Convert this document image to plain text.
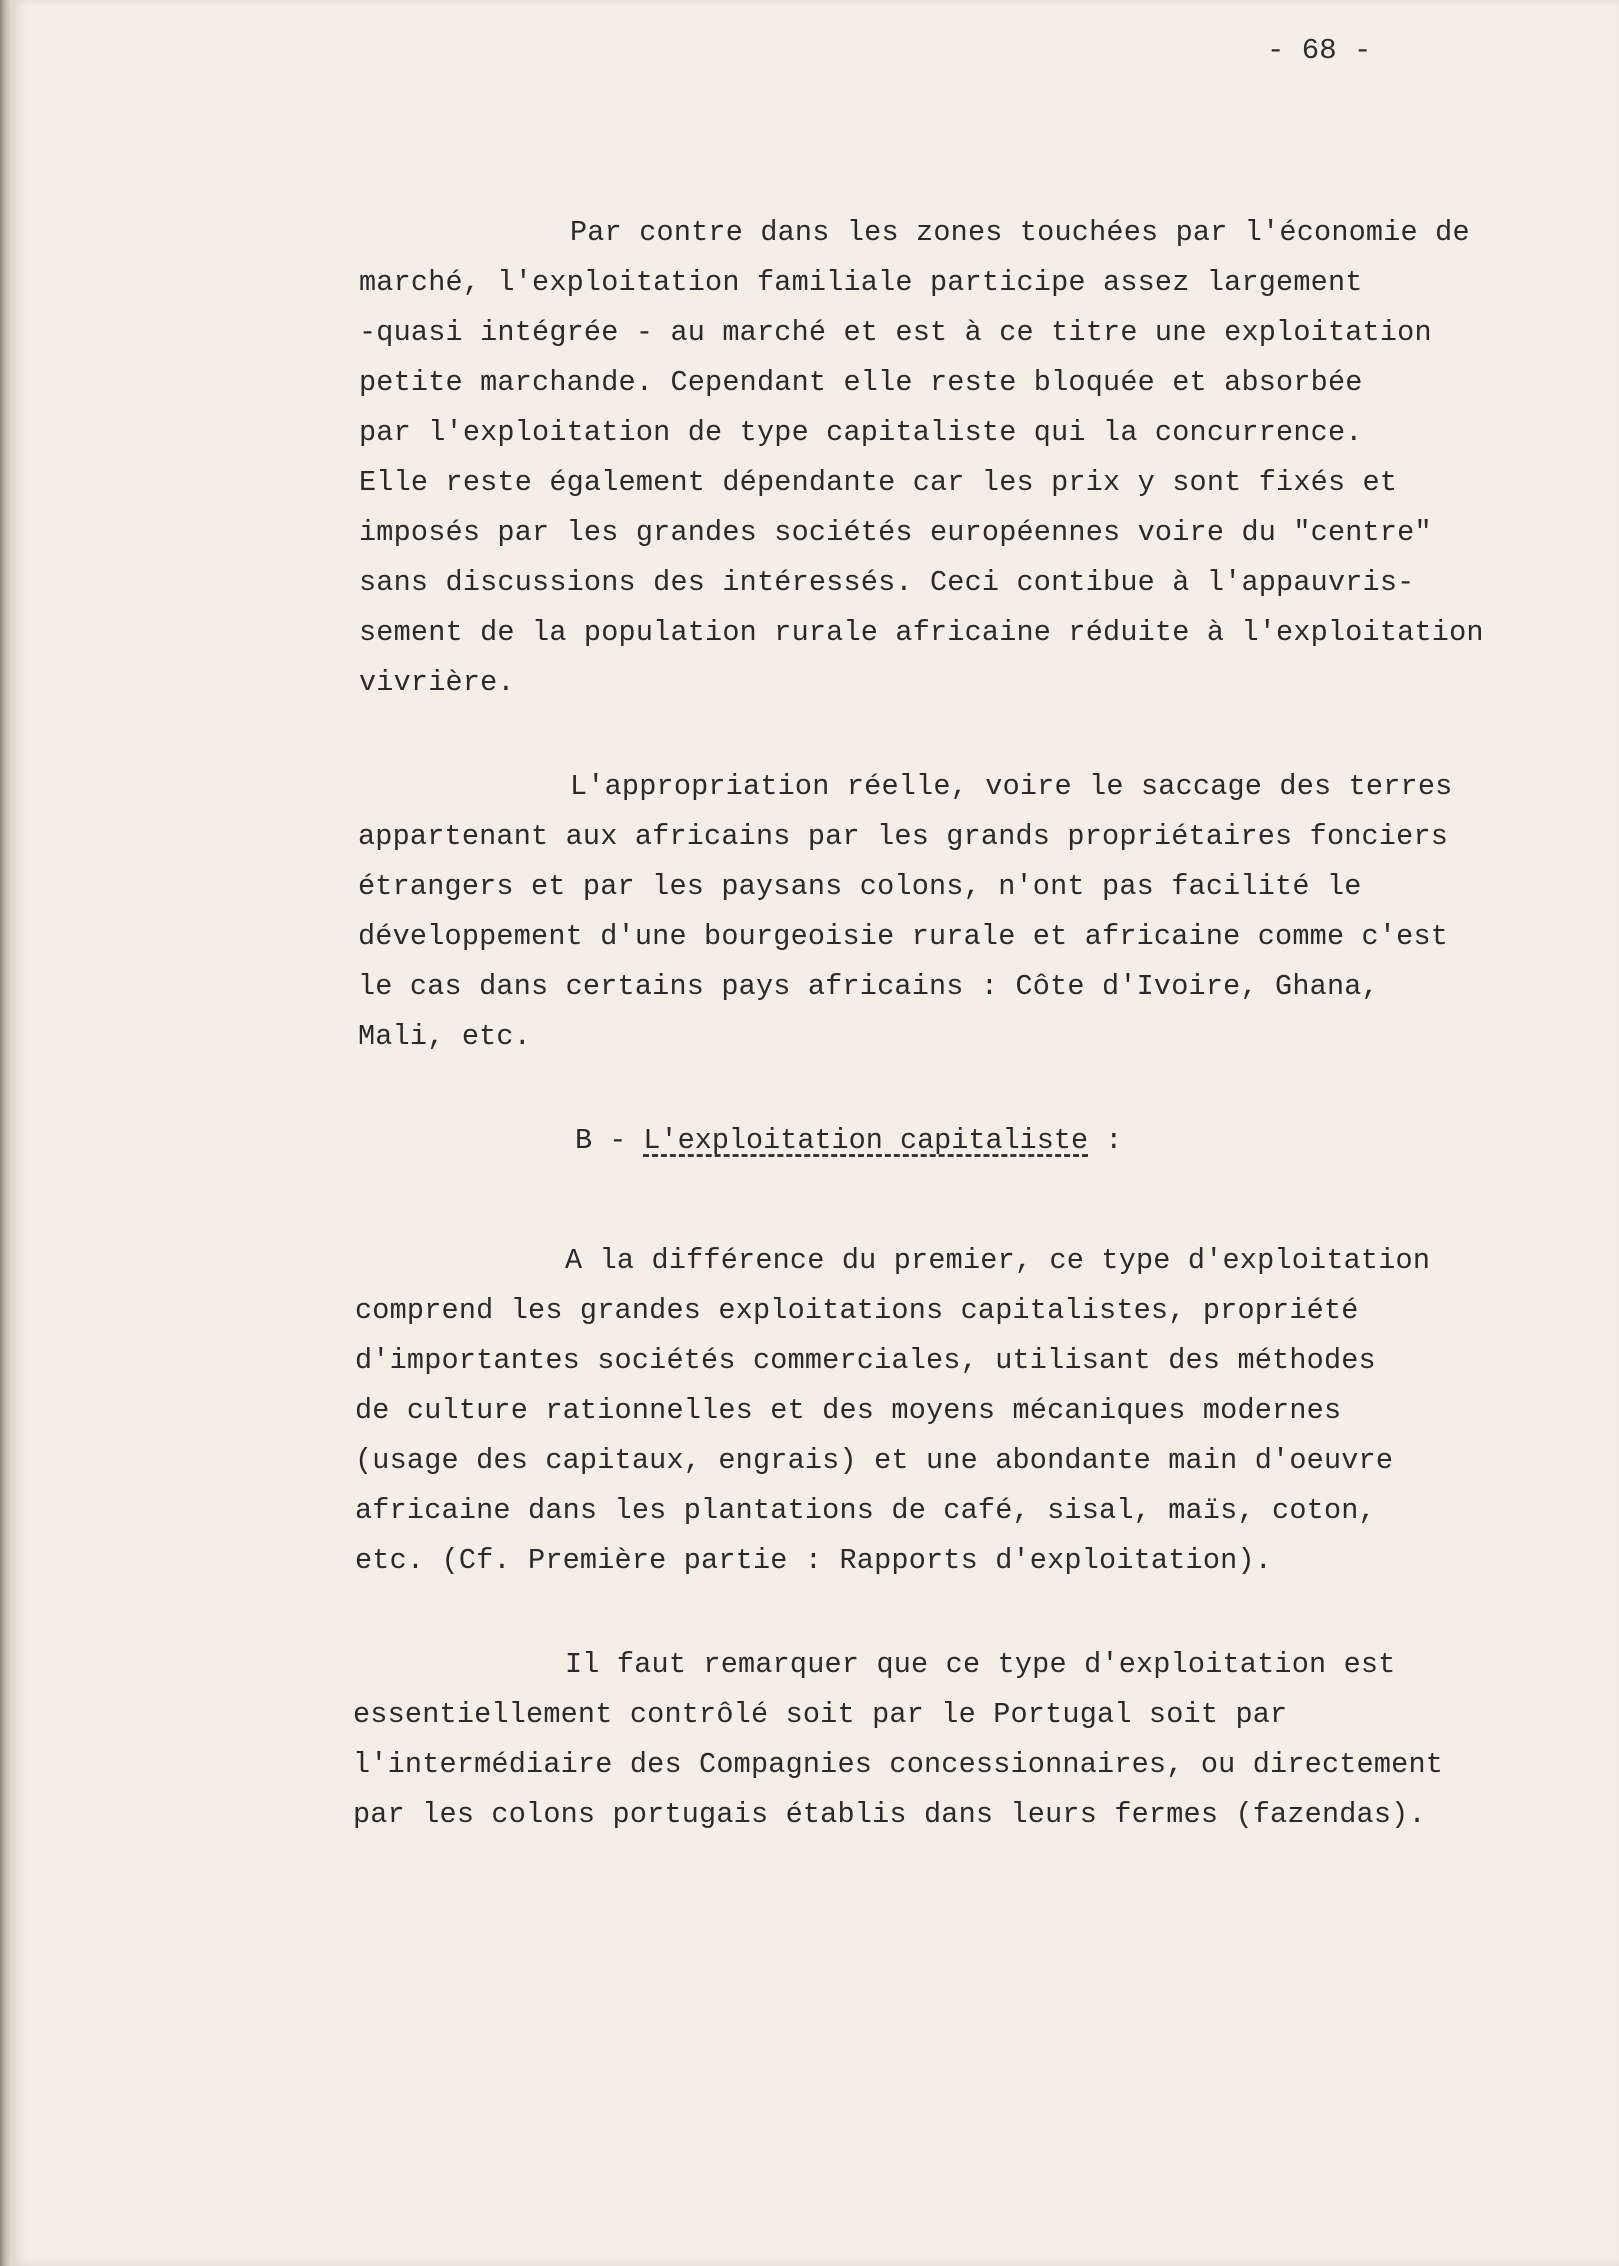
- 68 -
Par contre dans les zones touchées par l'économie de
marché, l'exploitation familiale participe assez largement
-quasi intégrée - au marché et est à ce titre une exploitation
petite marchande. Cependant elle reste bloquée et absorbée
par l'exploitation de type capitaliste qui la concurrence.
Elle reste également dépendante car les prix y sont fixés et
imposés par les grandes sociétés européennes voire du "centre"
sans discussions des intéressés. Ceci contibue à l'appauvris-
sement de la population rurale africaine réduite à l'exploitation
vivrière.
L'appropriation réelle, voire le saccage des terres
appartenant aux africains par les grands propriétaires fonciers
étrangers et par les paysans colons, n'ont pas facilité le
développement d'une bourgeoisie rurale et africaine comme c'est
le cas dans certains pays africains : Côte d'Ivoire, Ghana,
Mali, etc.
B - L'exploitation capitaliste :
A la différence du premier, ce type d'exploitation
comprend les grandes exploitations capitalistes, propriété
d'importantes sociétés commerciales, utilisant des méthodes
de culture rationnelles et des moyens mécaniques modernes
(usage des capitaux, engrais) et une abondante main d'oeuvre
africaine dans les plantations de café, sisal, maïs, coton,
etc. (Cf. Première partie : Rapports d'exploitation).
Il faut remarquer que ce type d'exploitation est
essentiellement contrôlé soit par le Portugal soit par
l'intermédiaire des Compagnies concessionnaires, ou directement
par les colons portugais établis dans leurs fermes (fazendas).
